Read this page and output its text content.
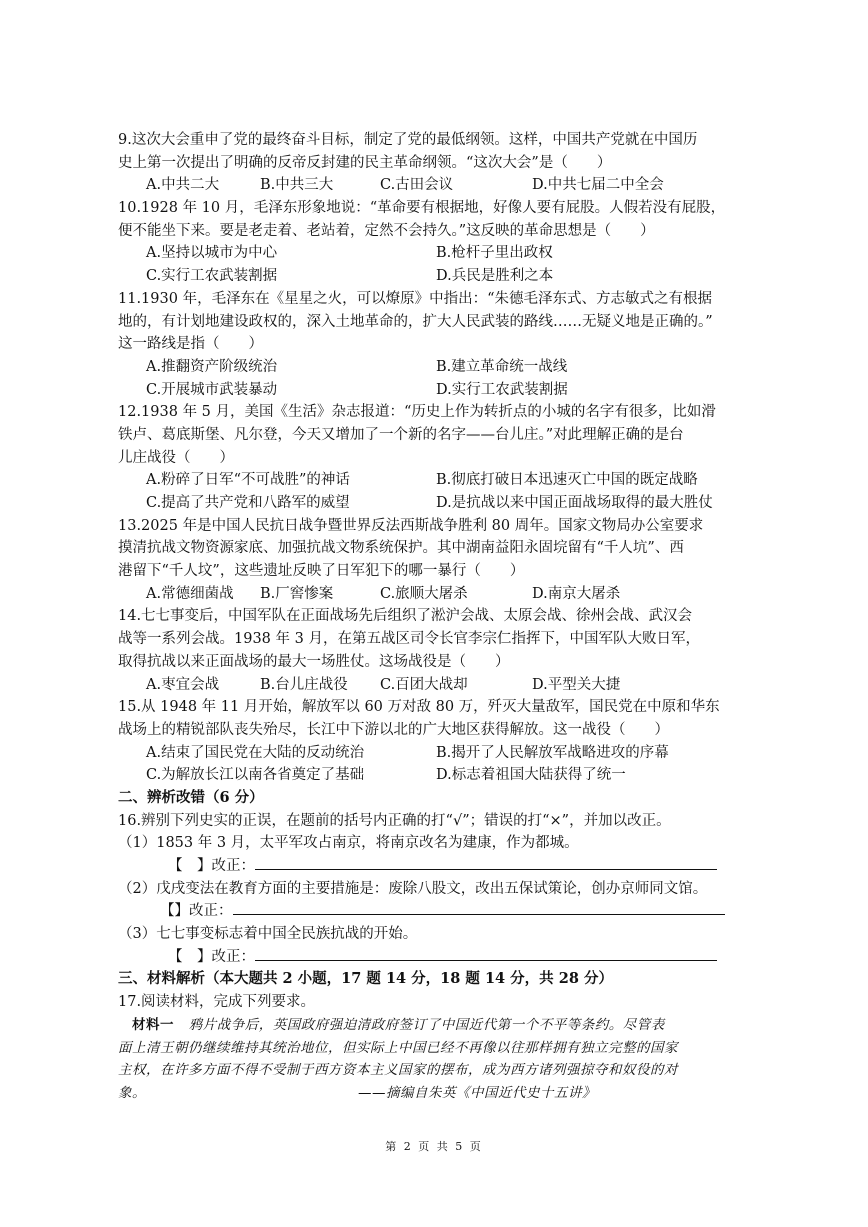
9.这次大会重申了党的最终奋斗目标，制定了党的最低纲领。这样，中国共产党就在中国历
史上第一次提出了明确的反帝反封建的民主革命纲领。“这次大会”是（　　）
A.中共二大	B.中共三大	C.古田会议	D.中共七届二中全会
10.1928 年 10 月，毛泽东形象地说：“革命要有根据地，好像人要有屁股。人假若没有屁股，
便不能坐下来。要是老走着、老站着，定然不会持久。”这反映的革命思想是（　　）
A.坚持以城市为中心	B.枪杆子里出政权
C.实行工农武装割据	D.兵民是胜利之本
11.1930 年，毛泽东在《星星之火，可以燎原》中指出：“朱德毛泽东式、方志敏式之有根据
地的，有计划地建设政权的，深入土地革命的，扩大人民武装的路线……无疑义地是正确的。”
这一路线是指（　　）
A.推翻资产阶级统治	B.建立革命统一战线
C.开展城市武装暴动	D.实行工农武装割据
12.1938 年 5 月，美国《生活》杂志报道：“历史上作为转折点的小城的名字有很多，比如滑
铁卢、葛底斯堡、凡尔登，今天又增加了一个新的名字——台儿庄。”对此理解正确的是台
儿庄战役（　　）
A.粉碎了日军“不可战胜”的神话	B.彻底打破日本迅速灭亡中国的既定战略
C.提高了共产党和八路军的威望	D.是抗战以来中国正面战场取得的最大胜仗
13.2025 年是中国人民抗日战争暨世界反法西斯战争胜利 80 周年。国家文物局办公室要求
摸清抗战文物资源家底、加强抗战文物系统保护。其中湖南益阳永固垸留有“千人坑”、西
港留下“千人坟”，这些遗址反映了日军犯下的哪一暴行（　　）
A.常德细菌战	B.厂窖惨案	C.旅顺大屠杀	D.南京大屠杀
14.七七事变后，中国军队在正面战场先后组织了淞沪会战、太原会战、徐州会战、武汉会
战等一系列会战。1938 年 3 月，在第五战区司令长官李宗仁指挥下，中国军队大败日军，
取得抗战以来正面战场的最大一场胜仗。这场战役是（　　）
A.枣宜会战	B.台儿庄战役	C.百团大战却	D.平型关大捷
15.从 1948 年 11 月开始，解放军以 60 万对敌 80 万，歼灭大量敌军，国民党在中原和华东
战场上的精锐部队丧失殆尽，长江中下游以北的广大地区获得解放。这一战役（　　）
A.结束了国民党在大陆的反动统治	B.揭开了人民解放军战略进攻的序幕
C.为解放长江以南各省奠定了基础	D.标志着祖国大陆获得了统一
二、辨析改错（6 分）
16.辨别下列史实的正误，在题前的括号内正确的打“√”；错误的打“×”，并加以改正。
（1）1853 年 3 月，太平军攻占南京，将南京改名为建康，作为都城。
【　】改正：
（2）戊戌变法在教育方面的主要措施是：废除八股文，改出五保试策论，创办京师同文馆。
【】改正：
（3）七七事变标志着中国全民族抗战的开始。
【　】改正：
三、材料解析（本大题共 2 小题，17 题 14 分，18 题 14 分，共 28 分）
17.阅读材料，完成下列要求。
材料一 鸦片战争后，英国政府强迫清政府签订了中国近代第一个不平等条约。尽管表
面上清王朝仍继续维持其统治地位，但实际上中国已经不再像以往那样拥有独立完整的国家
主权，在许多方面不得不受制于西方资本主义国家的摆布，成为西方诸列强掠夺和奴役的对
象。	——摘编自朱英《中国近代史十五讲》
第 2 页 共 5 页
